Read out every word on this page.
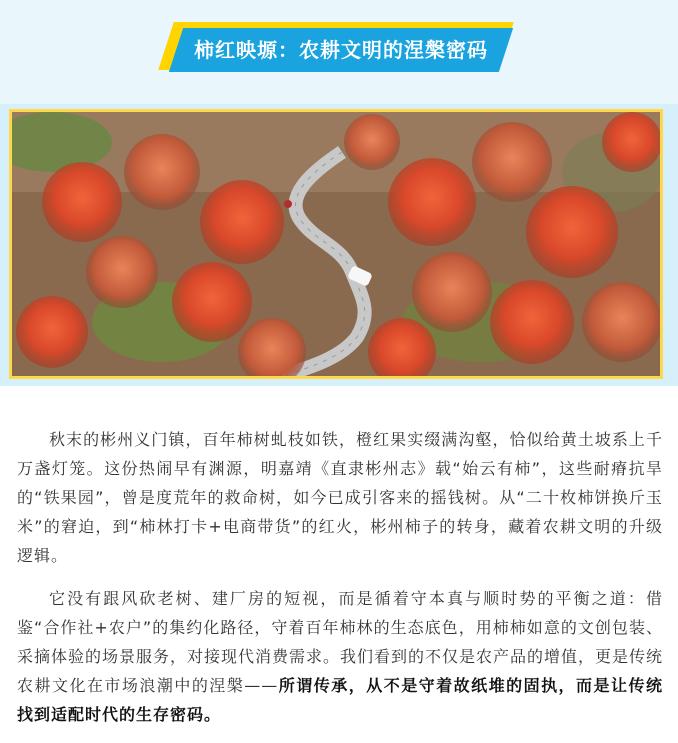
柿红映塬：农耕文明的涅槃密码

秋末的彬州义门镇，百年柿树虬枝如铁，橙红果实缀满沟壑，恰似给黄土坡系上千万盏灯笼。这份热闹早有渊源，明嘉靖《直隶彬州志》载“始云有柿”，这些耐瘠抗旱的“铁果园”，曾是度荒年的救命树，如今已成引客来的摇钱树。从“二十枚柿饼换斤玉米”的窘迫，到“柿林打卡+电商带货”的红火，彬州柿子的转身，藏着农耕文明的升级逻辑。

它没有跟风砍老树、建厂房的短视，而是循着守本真与顺时势的平衡之道：借鉴“合作社+农户”的集约化路径，守着百年柿林的生态底色，用柿柿如意的文创包装、采摘体验的场景服务，对接现代消费需求。我们看到的不仅是农产品的增值，更是传统农耕文化在市场浪潮中的涅槃——所谓传承，从不是守着故纸堆的固执，而是让传统找到适配时代的生存密码。
